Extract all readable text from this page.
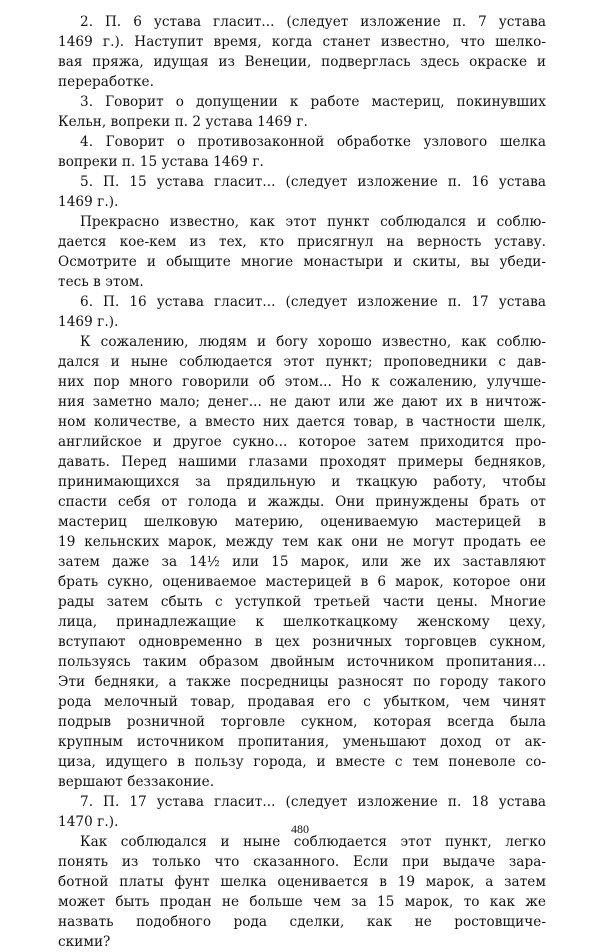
2. П. 6 устава гласит... (следует изложение п. 7 устава
1469 г.). Наступит время, когда станет известно, что шелко-
вая пряжа, идущая из Венеции, подверглась здесь окраске и
переработке.
3. Говорит о допущении к работе мастериц, покинувших
Кельн, вопреки п. 2 устава 1469 г.
4. Говорит о противозаконной обработке узлового шелка
вопреки п. 15 устава 1469 г.
5. П. 15 устава гласит... (следует изложение п. 16 устава
1469 г.).
Прекрасно известно, как этот пункт соблюдался и соблю-
дается кое-кем из тех, кто присягнул на верность уставу.
Осмотрите и обыщите многие монастыри и скиты, вы убеди-
тесь в этом.
6. П. 16 устава гласит... (следует изложение п. 17 устава
1469 г.).
К сожалению, людям и богу хорошо известно, как соблю-
дался и ныне соблюдается этот пункт; проповедники с дав-
них пор много говорили об этом... Но к сожалению, улучше-
ния заметно мало; денег... не дают или же дают их в ничтож-
ном количестве, а вместо них дается товар, в частности шелк,
английское и другое сукно... которое затем приходится про-
давать. Перед нашими глазами проходят примеры бедняков,
принимающихся за прядильную и ткацкую работу, чтобы
спасти себя от голода и жажды. Они принуждены брать от
мастериц шелковую материю, оцениваемую мастерицей в
19 кельнских марок, между тем как они не могут продать ее
затем даже за 14½ или 15 марок, или же их заставляют
брать сукно, оцениваемое мастерицей в 6 марок, которое они
рады затем сбыть с уступкой третьей части цены. Многие
лица, принадлежащие к шелкоткацкому женскому цеху,
вступают одновременно в цех розничных торговцев сукном,
пользуясь таким образом двойным источником пропитания...
Эти бедняки, а также посредницы разносят по городу такого
рода мелочный товар, продавая его с убытком, чем чинят
подрыв розничной торговле сукном, которая всегда была
крупным источником пропитания, уменьшают доход от ак-
цизa, идущего в пользу города, и вместе с тем поневоле со-
вершают беззаконие.
7. П. 17 устава гласит... (следует изложение п. 18 устава
1470 г.).
Как соблюдался и ныне соблюдается этот пункт, легко
понять из только что сказанного. Если при выдаче зара-
ботной платы фунт шелка оценивается в 19 марок, а затем
может быть продан не больше чем за 15 марок, то как же
назвать подобного рода сделки, как не ростовщиче-
скими?
480
